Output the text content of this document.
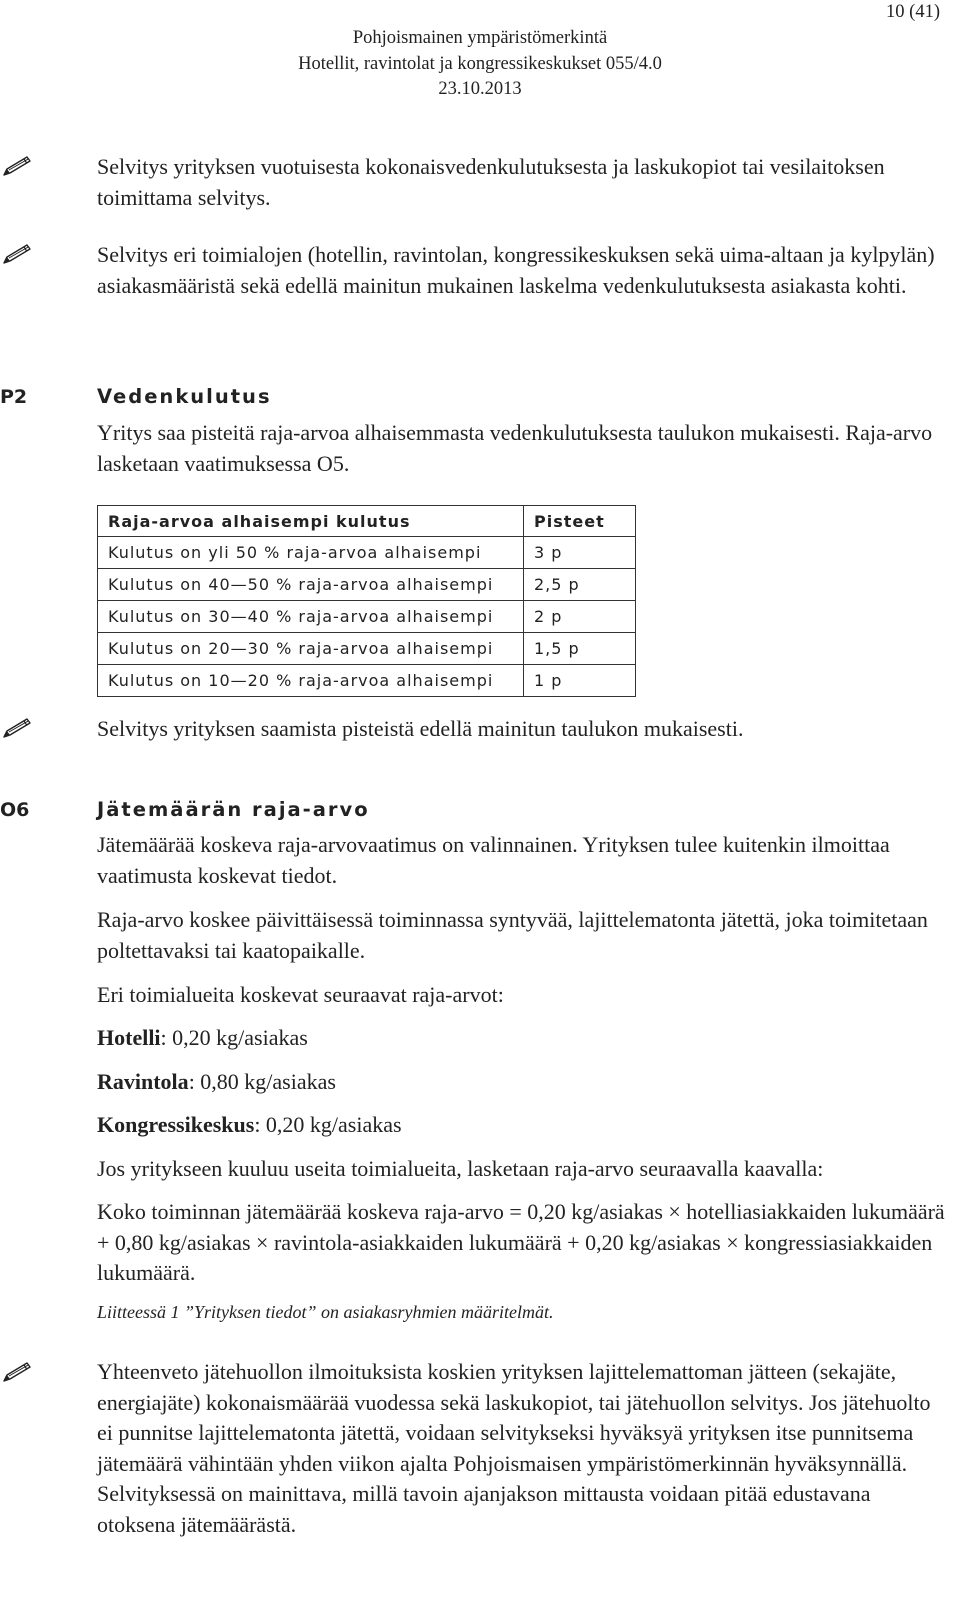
10 (41)
Pohjoismainen ympäristömerkintä
Hotellit, ravintolat ja kongressikeskukset 055/4.0
23.10.2013

Selvitys yrityksen vuotuisesta kokonaisvedenkulutuksesta ja laskukopiot tai vesilaitoksen toimittama selvitys.

Selvitys eri toimialojen (hotellin, ravintolan, kongressikeskuksen sekä uima-altaan ja kylpylän) asiakasmääristä sekä edellä mainitun mukainen laskelma vedenkulutuksesta asiakasta kohti.

P2	Vedenkulutus

Yritys saa pisteitä raja-arvoa alhaisemmasta vedenkulutuksesta taulukon mukaisesti. Raja-arvo lasketaan vaatimuksessa O5.

Raja-arvoa alhaisempi kulutus	Pisteet
Kulutus on yli 50 % raja-arvoa alhaisempi	3 p
Kulutus on 40—50 % raja-arvoa alhaisempi	2,5 p
Kulutus on 30—40 % raja-arvoa alhaisempi	2 p
Kulutus on 20—30 % raja-arvoa alhaisempi	1,5 p
Kulutus on 10—20 % raja-arvoa alhaisempi	1 p

Selvitys yrityksen saamista pisteistä edellä mainitun taulukon mukaisesti.

O6	Jätemäärän raja-arvo

Jätemäärää koskeva raja-arvovaatimus on valinnainen. Yrityksen tulee kuitenkin ilmoittaa vaatimusta koskevat tiedot.

Raja-arvo koskee päivittäisessä toiminnassa syntyvää, lajittelematonta jätettä, joka toimitetaan poltettavaksi tai kaatopaikalle.

Eri toimialueita koskevat seuraavat raja-arvot:

Hotelli: 0,20 kg/asiakas

Ravintola: 0,80 kg/asiakas

Kongressikeskus: 0,20 kg/asiakas

Jos yritykseen kuuluu useita toimialueita, lasketaan raja-arvo seuraavalla kaavalla:

Koko toiminnan jätemäärää koskeva raja-arvo = 0,20 kg/asiakas × hotelliasiakkaiden lukumäärä + 0,80 kg/asiakas × ravintola-asiakkaiden lukumäärä + 0,20 kg/asiakas × kongressiasiakkaiden lukumäärä.

Liitteessä 1 ”Yrityksen tiedot” on asiakasryhmien määritelmät.

Yhteenveto jätehuollon ilmoituksista koskien yrityksen lajittelemattoman jätteen (sekajäte, energiajäte) kokonaismäärää vuodessa sekä laskukopiot, tai jätehuollon selvitys. Jos jätehuolto ei punnitse lajittelematonta jätettä, voidaan selvitykseksi hyväksyä yrityksen itse punnitsema jätemäärä vähintään yhden viikon ajalta Pohjoismaisen ympäristömerkinnän hyväksynnällä. Selvityksessä on mainittava, millä tavoin ajanjakson mittausta voidaan pitää edustavana otoksena jätemäärästä.
